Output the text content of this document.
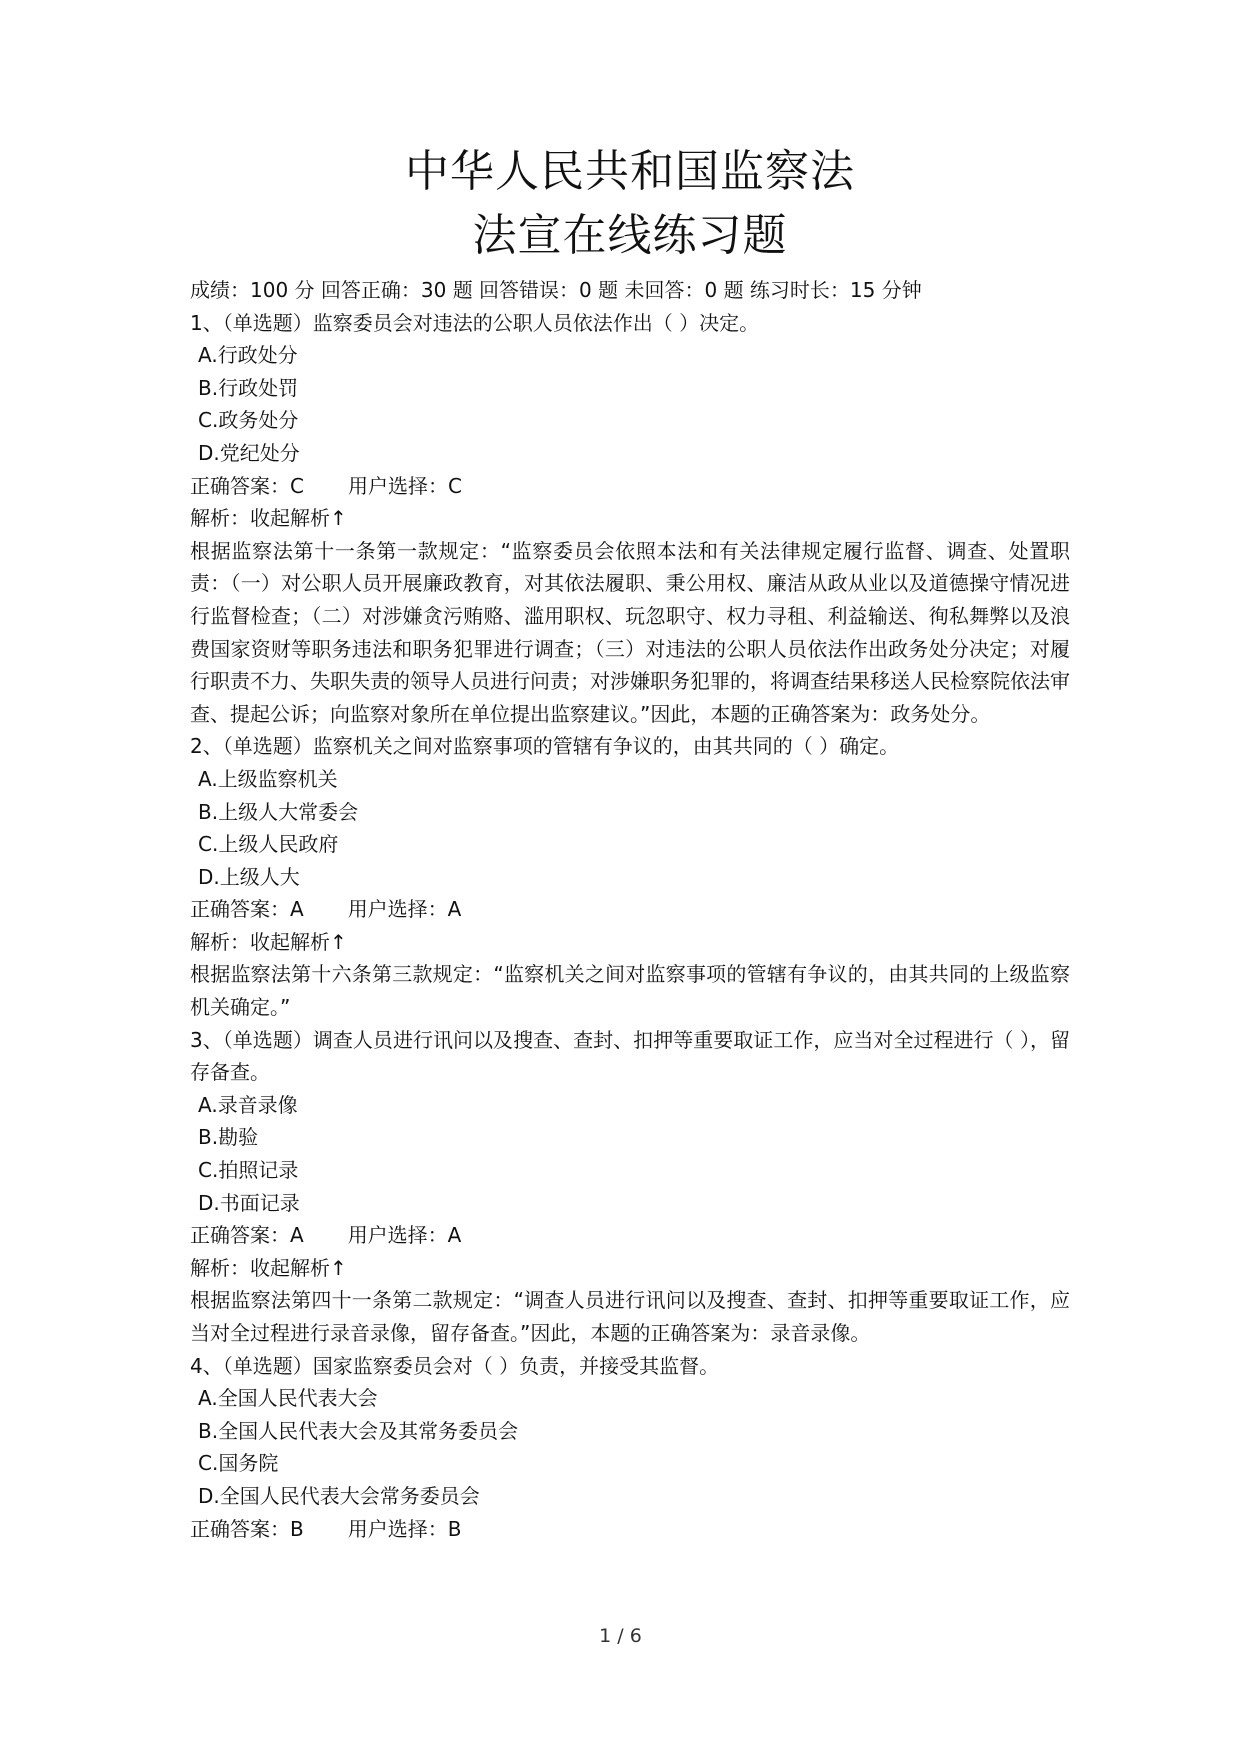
中华人民共和国监察法
法宣在线练习题
成绩：100 分 回答正确：30 题 回答错误：0 题 未回答：0 题 练习时长：15 分钟
1、（单选题）监察委员会对违法的公职人员依法作出（ ）决定。
A.行政处分
B.行政处罚
C.政务处分
D.党纪处分
正确答案：C 用户选择：C
解析：收起解析↑
根据监察法第十一条第一款规定：“监察委员会依照本法和有关法律规定履行监督、调查、处置职责：（一）对公职人员开展廉政教育，对其依法履职、秉公用权、廉洁从政从业以及道德操守情况进行监督检查；（二）对涉嫌贪污贿赂、滥用职权、玩忽职守、权力寻租、利益输送、徇私舞弊以及浪费国家资财等职务违法和职务犯罪进行调查；（三）对违法的公职人员依法作出政务处分决定；对履行职责不力、失职失责的领导人员进行问责；对涉嫌职务犯罪的，将调查结果移送人民检察院依法审查、提起公诉；向监察对象所在单位提出监察建议。”因此，本题的正确答案为：政务处分。
2、（单选题）监察机关之间对监察事项的管辖有争议的，由其共同的（ ）确定。
A.上级监察机关
B.上级人大常委会
C.上级人民政府
D.上级人大
正确答案：A 用户选择：A
解析：收起解析↑
根据监察法第十六条第三款规定：“监察机关之间对监察事项的管辖有争议的，由其共同的上级监察机关确定。”
3、（单选题）调查人员进行讯问以及搜查、查封、扣押等重要取证工作，应当对全过程进行（ ），留存备查。
A.录音录像
B.勘验
C.拍照记录
D.书面记录
正确答案：A 用户选择：A
解析：收起解析↑
根据监察法第四十一条第二款规定：“调查人员进行讯问以及搜查、查封、扣押等重要取证工作，应当对全过程进行录音录像，留存备查。”因此，本题的正确答案为：录音录像。
4、（单选题）国家监察委员会对（ ）负责，并接受其监督。
A.全国人民代表大会
B.全国人民代表大会及其常务委员会
C.国务院
D.全国人民代表大会常务委员会
正确答案：B 用户选择：B
1 / 6
